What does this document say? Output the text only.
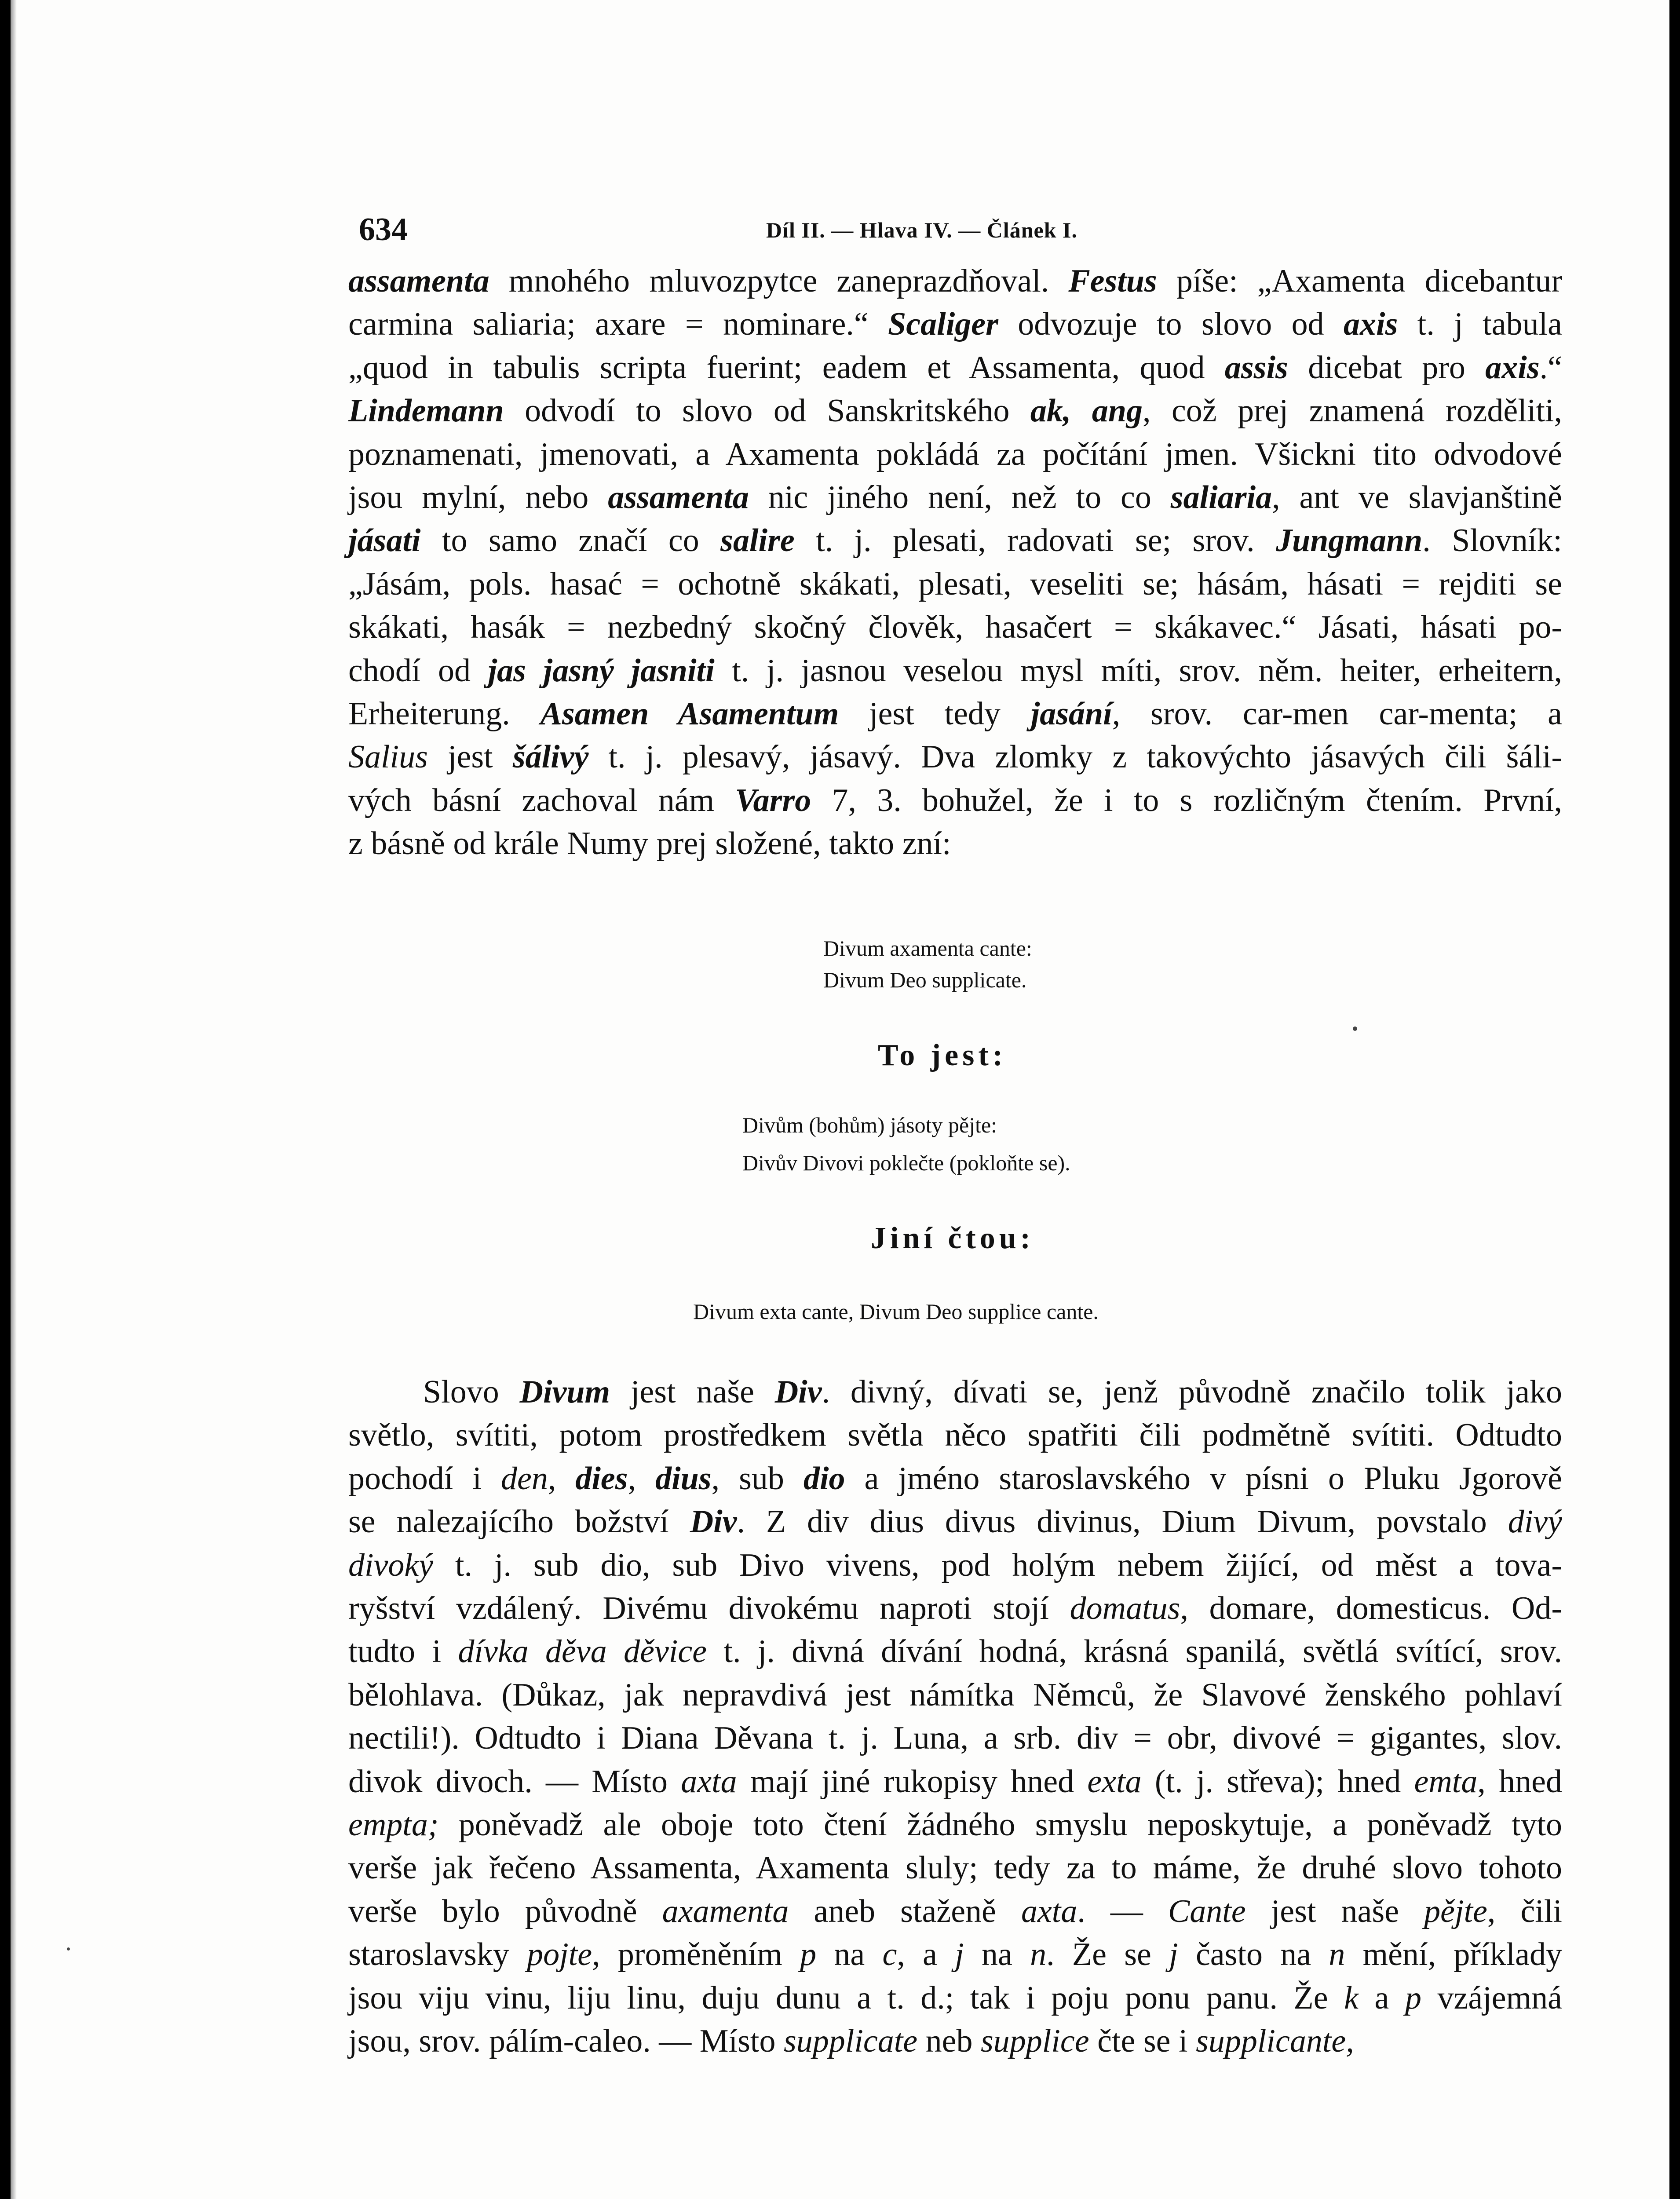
634	Díl II. — Hlava IV. — Článek I.

assamenta mnohého mluvozpytce zaneprazdňoval. Festus píše: „Axamenta dicebantur
carmina saliaria; axare = nominare.“ Scaliger odvozuje to slovo od axis t. j tabula
„quod in tabulis scripta fuerint; eadem et Assamenta, quod assis dicebat pro axis.“
Lindemann odvodí to slovo od Sanskritského ak, ang, což prej znamená rozděliti,
poznamenati, jmenovati, a Axamenta pokládá za počítání jmen. Všickni tito odvodové
jsou mylní, nebo assamenta nic jiného není, než to co saliaria, ant ve slavjanštině
jásati to samo značí co salire t. j. plesati, radovati se; srov. Jungmann. Slovník:
„Jásám, pols. hasać = ochotně skákati, plesati, veseliti se; hásám, hásati = rejditi se
skákati, hasák = nezbedný skočný člověk, hasačert = skákavec.“ Jásati, hásati po-
chodí od jas jasný jasniti t. j. jasnou veselou mysl míti, srov. něm. heiter, erheitern,
Erheiterung. Asamen Asamentum jest tedy jasání, srov. car-men car-menta; a
Salius jest šálivý t. j. plesavý, jásavý. Dva zlomky z takovýchto jásavých čili šáli-
vých básní zachoval nám Varro 7, 3. bohužel, že i to s rozličným čtením. První,
z básně od krále Numy prej složené, takto zní:

Divum axamenta cante:
Divum Deo supplicate.
To jest:
Divům (bohům) jásoty pějte:
Divův Divovi poklečte (pokloňte se).
Jiní čtou:
Divum exta cante, Divum Deo supplice cante.

Slovo Divum jest naše Div. divný, dívati se, jenž původně značilo tolik jako
světlo, svítiti, potom prostředkem světla něco spatřiti čili podmětně svítiti. Odtudto
pochodí i den, dies, dius, sub dio a jméno staroslavského v písni o Pluku Jgorově
se nalezajícího božství Div. Z div dius divus divinus, Dium Divum, povstalo divý
divoký t. j. sub dio, sub Divo vivens, pod holým nebem žijící, od měst a tova-
ryšství vzdálený. Divému divokému naproti stojí domatus, domare, domesticus. Od-
tudto i dívka děva děvice t. j. divná dívání hodná, krásná spanilá, světlá svítící, srov.
bělohlava. (Důkaz, jak nepravdivá jest námítka Němců, že Slavové ženského pohlaví
nectili!). Odtudto i Diana Děvana t. j. Luna, a srb. div = obr, divové = gigantes, slov.
divok divoch. — Místo axta mají jiné rukopisy hned exta (t. j. střeva); hned emta, hned
empta; poněvadž ale oboje toto čtení žádného smyslu neposkytuje, a poněvadž tyto
verše jak řečeno Assamenta, Axamenta sluly; tedy za to máme, že druhé slovo tohoto
verše bylo původně axamenta aneb staženě axta. — Cante jest naše pějte, čili
staroslavsky pojte, proměněním p na c, a j na n. Že se j často na n mění, příklady
jsou viju vinu, liju linu, duju dunu a t. d.; tak i poju ponu panu. Že k a p vzájemná
jsou, srov. pálím-caleo. — Místo supplicate neb supplice čte se i supplicante,
